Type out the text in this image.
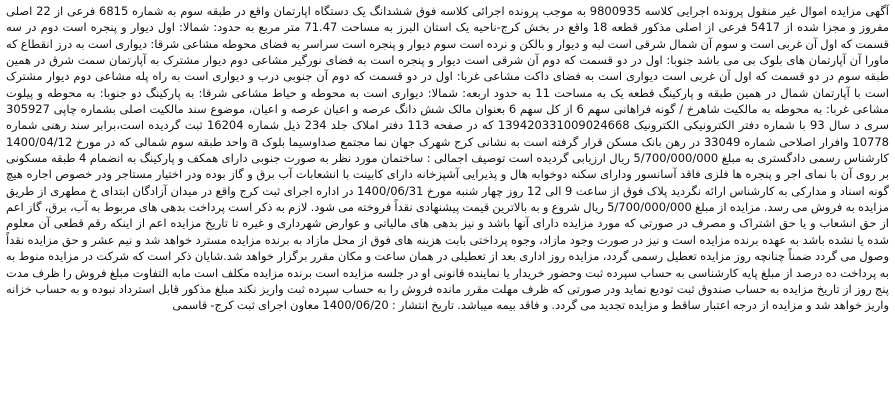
آگهی مزایده اموال غیر منقول پرونده اجرایی کلاسه 9800935 به موجب پرونده اجرائی کلاسه فوق ششدانگ یک دستگاه اپارتمان واقع در طبقه سوم به شماره 6815 فرعی از 22 اصلی مفروز و مجزا شده از 5417 فرعی از اصلی مذکور قطعه 18 واقع در بخش کرج-ناحیه یک استان البرز به مساحت 71.47 متر مربع به حدود: شمالا: اول دیوار و پنجره است دوم در سه قسمت که اول آن غربی است و سوم آن شمال شرقی است لبه و دیوار و بالکن و نرده است سوم دیوار و پنجره است سراسر به فضای محوطه مشاعی شرقا: دیواری است به درز انقطاع که ماورا آن آپارتمان های بلوک بی می باشد جنوبا: اول در دو قسمت که دوم آن شرقی است دیوار و پنجره است به فضای نورگیر مشاعی دوم دیوار مشترک به آپارتمان سمت شرق در همین طبقه سوم در دو قسمت که اول آن غربی است دیواری است به فضای داکت مشاعی غربا: اول در دو قسمت که دوم آن جنوبی درب و دیواری است به راه پله مشاعی دوم دیوار مشترک است با آپارتمان شمال در همین طبقه و پارکینگ قطعه یک به مساحت 11 به حدود اربعه: شمالا: دیواری است به محوطه و حیاط مشاعی شرقا: به پارکینگ دو جنوبا: به محوطه و پیلوت مشاعی غربا: به محوطه به مالکیت شاهرخ / گونه فراهانی سهم 6 از کل سهم 6 بعنوان مالک شش دانگ عرصه و اعیان عرصه و اعیان، موضوع سند مالکیت اصلی بشماره چاپی 305927 سری د سال 93 با شماره دفتر الکترونیکی الکترونیک 139420331009024668 که در صفحه 113 دفتر املاک جلد 234 ذیل شماره 16204 ثبت گردیده است،برابر سند رهنی شماره 10778 وافرار اصلاحی شماره 33049 در رهن بانک مسکن قرار گرفته است به نشانی کرج شهرک جهان نما مجتمع صداوسیما بلوک a واحد طبقه سوم شمالی که در مورخ 1400/04/12 کارشناس رسمی دادگستری به مبلغ 5/700/000/000 ریال ارزیابی گردیده است توصیف اجمالی : ساختمان مورد نظر به صورت جنوبی دارای همکف و پارکینگ به انضمام 4 طبقه مسکونی بر روی آن با نمای اجر و پنجره ها فلزی فاقد آسانسور ودارای سکنه دوخوابه هال و پذیرایی آشپزخانه دارای کابینت با انشعابات آب برق و گاز بوده ودر اختیار مستاجر ودر خصوص اجاره هیچ گونه اسناد و مدارکی به کارشناس ارائه نگردید پلاک فوق از ساعت 9 الی 12 روز چهار شنبه مورخ 1400/06/31 در اداره اجرای ثبت کرج واقع در میدان آزادگان ابتدای خ مطهری از طریق مزایده به فروش می رسد. مزایده از مبلغ 5/700/000/000 ریال شروع و به بالاترین قیمت پیشنهادی نقداً فروخته می شود. لازم به ذکر است پرداخت بدهی های مربوط به آب، برق، گاز اعم از حق انشعاب و یا حق اشتراک و مصرف در صورتی که مورد مزایده دارای آنها باشد و نیز بدهی های مالیاتی و عوارض شهرداری و غیره تا تاریخ مزایده اعم از اینکه رقم قطعی آن معلوم شده یا نشده باشد به عهده برنده مزایده است و نیز در صورت وجود مازاد، وجوه پرداختی بابت هزینه های فوق از محل مازاد به برنده مزایده مسترد خواهد شد و نیم عشر و حق مزایده نقداً وصول می گردد ضمناً چنانچه روز مزایده تعطیل رسمی گردد، مزایده روز اداری بعد از تعطیلی در همان ساعت و مکان مقرر برگزار خواهد شد.شایان ذکر است که شرکت در مزایده منوط به به پرداخت ده درصد از مبلغ پایه کارشناسی به حساب سپرده ثبت وحضور خریدار یا نماینده قانونی او در جلسه مزایده است برنده مزایده مکلف است مابه التفاوت مبلغ فروش را ظرف مدت پنج روز از تاریخ مزایده به حساب صندوق ثبت تودیع نماید ودر صورتی که ظرف مهلت مقرر مانده فروش را به حساب سپرده ثبت واریز نکند مبلغ مذکور قابل استرداد نبوده و به حساب خزانه واریز خواهد شد و مزایده از درجه اعتبار ساقط و مزایده تجدید می گردد. و فاقد بیمه میباشد. تاریخ انتشار : 1400/06/20 معاون اجرای ثبت کرج- قاسمی
